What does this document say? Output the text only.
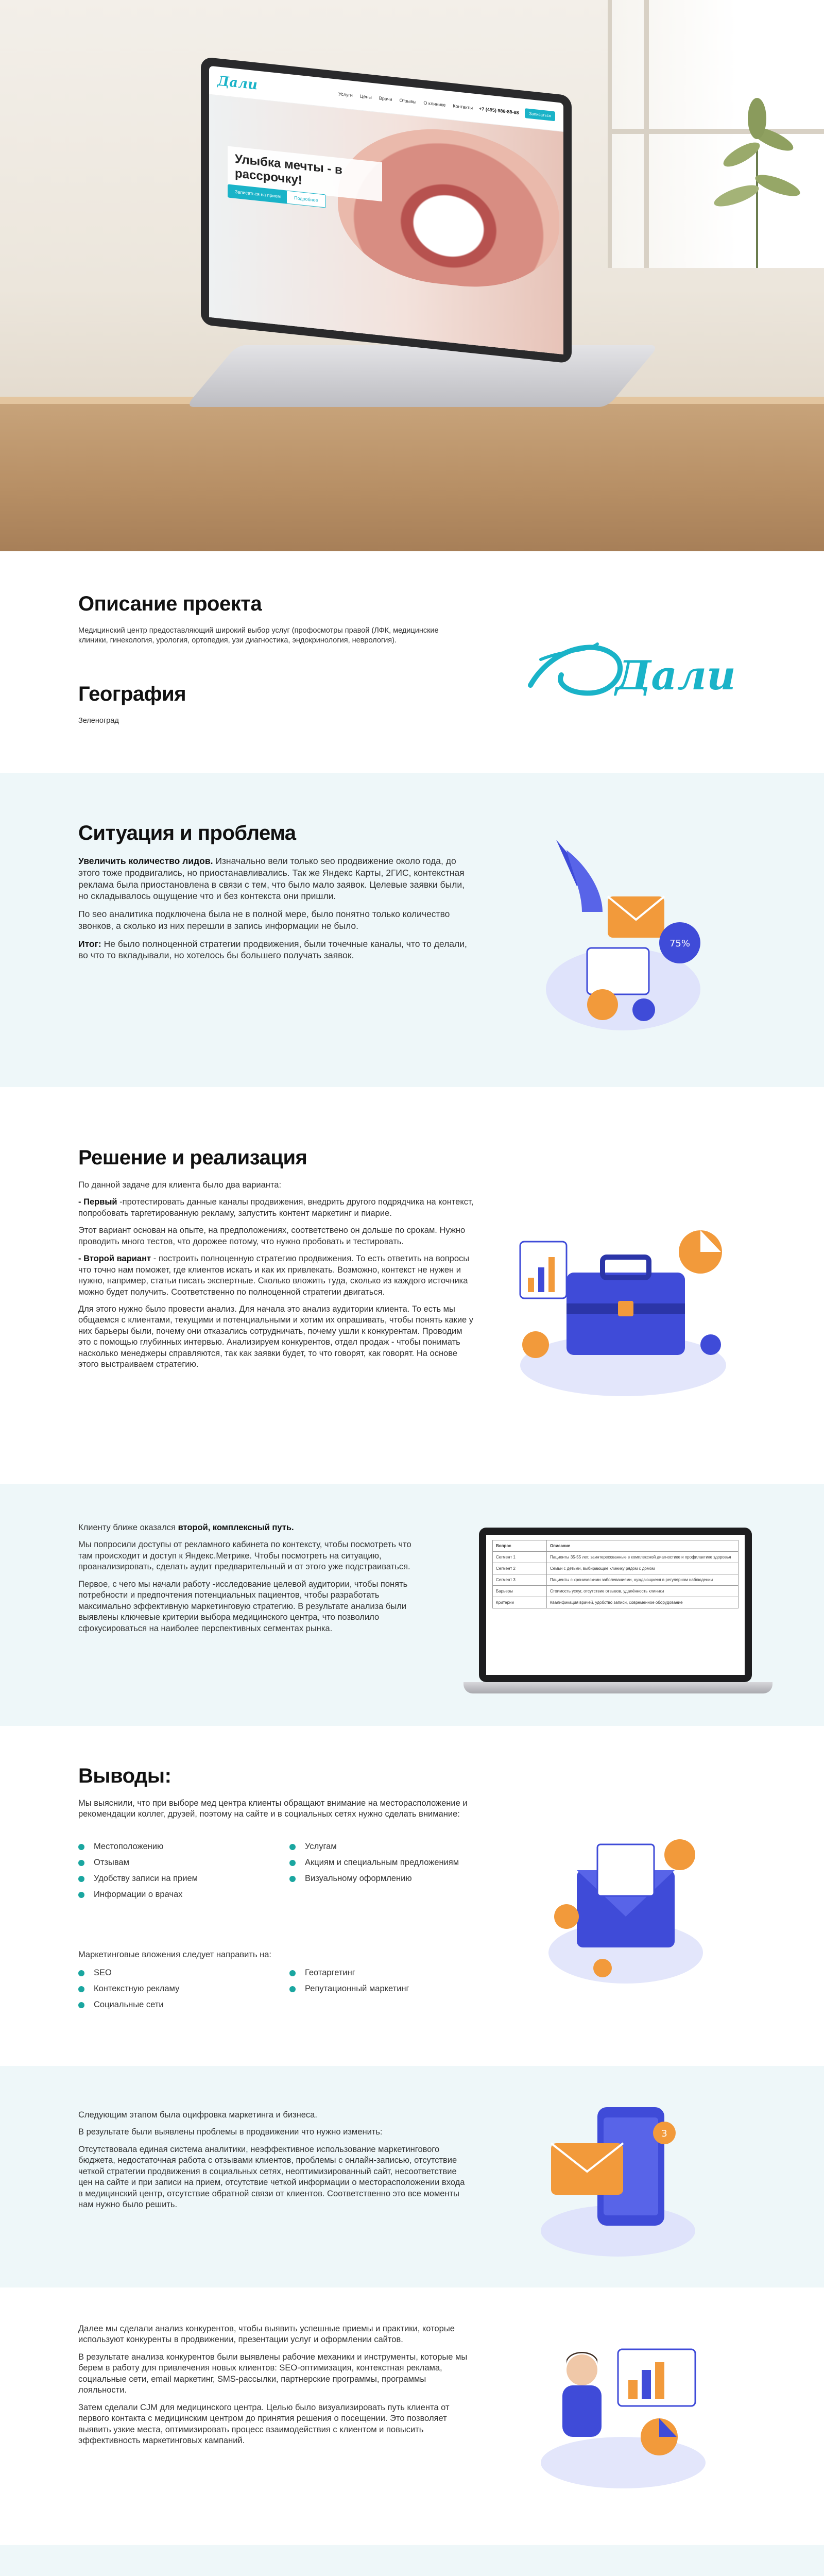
Дали
Услуги Цены Врачи Отзывы О клинике Контакты +7 (495) 988-88-88	Записаться
Улыбка мечты - в рассрочку!
Записаться на прием
Подробнее
Описание проекта
Медицинский центр предоставляющий широкий выбор услуг (профосмотры правой (ЛФК, медицинские клиники, гинекология, урология, ортопедия, узи диагностика, эндокринология, неврология).
География
Зеленоград
Дали
Ситуация и проблема

Увеличить количество лидов. Изначально вели только seo продвижение около года, до этого тоже продвигались, но приостанавливались. Так же Яндекс Карты, 2ГИС, контекстная реклама была приостановлена в связи с тем, что было мало заявок. Целевые заявки были, но складывалось ощущение что и без контекста они пришли.

По seo аналитика подключена была не в полной мере, было понятно только количество звонков, а сколько из них перешли в запись информации не было.

Итог: Не было полноценной стратегии продвижения, были точечные каналы, что то делали, во что то вкладывали, но хотелось бы большего получать заявок.

75%
Решение и реализация

По данной задаче для клиента было два варианта:

- Первый -протестировать данные каналы продвижения, внедрить другого подрядчика на контекст, попробовать таргетированную рекламу, запустить контент маркетинг и пиарие.

Этот вариант основан на опыте, на предположениях, соответствено он дольше по срокам. Нужно проводить много тестов, что дорожее потому, что нужно пробовать и тестировать.

- Второй вариант - построить полноценную стратегию продвижения. То есть ответить на вопросы что точно нам поможет, где клиентов искать и как их привлекать. Возможно, контекст не нужен и нужно, например, статьи писать экспертные. Сколько вложить туда, сколько из каждого источника можно будет получить. Соответственно по полноценной стратегии двигаться.

Для этого нужно было провести анализ. Для начала это анализ аудитории клиента. То есть мы общаемся с клиентами, текущими и потенциальными и хотим их опрашивать, чтобы понять какие у них барьеры были, почему они отказались сотрудничать, почему ушли к конкурентам. Проводим это с помощью глубинных интервью. Анализируем конкурентов, отдел продаж - чтобы понимать насколько менеджеры справляются, так как заявки будет, то что говорят, как говорят. На основе этого выстраиваем стратегию.

Клиенту ближе оказался второй, комплексный путь.

Мы попросили доступы от рекламного кабинета по контексту, чтобы посмотреть что там происходит и доступ к Яндекс.Метрике. Чтобы посмотреть на ситуацию, проанализировать, сделать аудит предварительный и от этого уже подстраиваться.

Первое, с чего мы начали работу -исследование целевой аудитории, чтобы понять потребности и предпочтения потенциальных пациентов, чтобы разработать максимально эффективную маркетинговую стратегию. В результате анализа были выявлены ключевые критерии выбора медицинского центра, что позволило сфокусироваться на наиболее перспективных сегментах рынка.

Вопрос	Описание
Сегмент 1	Пациенты 35-55 лет, заинтересованные в комплексной диагностике и профилактике здоровья
Сегмент 2	Семьи с детьми, выбирающие клинику рядом с домом
Сегмент 3	Пациенты с хроническими заболеваниями, нуждающиеся в регулярном наблюдении
Барьеры	Стоимость услуг, отсутствие отзывов, удалённость клиники
Критерии	Квалификация врачей, удобство записи, современное оборудование
Выводы:
Мы выяснили, что при выборе мед центра клиенты обращают внимание на месторасположение и рекомендации коллег, друзей, поэтому на сайте и в социальных сетях нужно сделать внимание:
Местоположению	Услугам
Отзывам	Акциям и специальным предложениям
Удобству записи на прием	Визуальному оформлению
Информации о врачах
Маркетинговые вложения следует направить на:
SEO	Геотаргетинг
Контекстную рекламу	Репутационный маркетинг
Социальные сети

Следующим этапом была оцифровка маркетинга и бизнеса.

В результате были выявлены проблемы в продвижении что нужно изменить:

Отсутствовала единая система аналитики, неэффективное использование маркетингового бюджета, недостаточная работа с отзывами клиентов, проблемы с онлайн-записью, отсутствие четкой стратегии продвижения в социальных сетях, неоптимизированный сайт, несоответствие цен на сайте и при записи на прием, отсутствие четкой информации о месторасположении входа в медицинский центр, отсутствие обратной связи от клиентов. Соответственно это все моменты нам нужно было решить.

3

Далее мы сделали анализ конкурентов, чтобы выявить успешные приемы и практики, которые используют конкуренты в продвижении, презентации услуг и оформлении сайтов.

В результате анализа конкурентов были выявлены рабочие механики и инструменты, которые мы берем в работу для привлечения новых клиентов: SEO-оптимизация, контекстная реклама, социальные сети, email маркетинг, SMS-рассылки, партнерские программы, программы лояльности.

Затем сделали CJM для медицинского центра. Целью было визуализировать путь клиента от первого контакта с медицинским центром до принятия решения о посещении. Это позволяет выявить узкие места, оптимизировать процесс взаимодействия с клиентом и повысить эффективность маркетинговых кампаний.
